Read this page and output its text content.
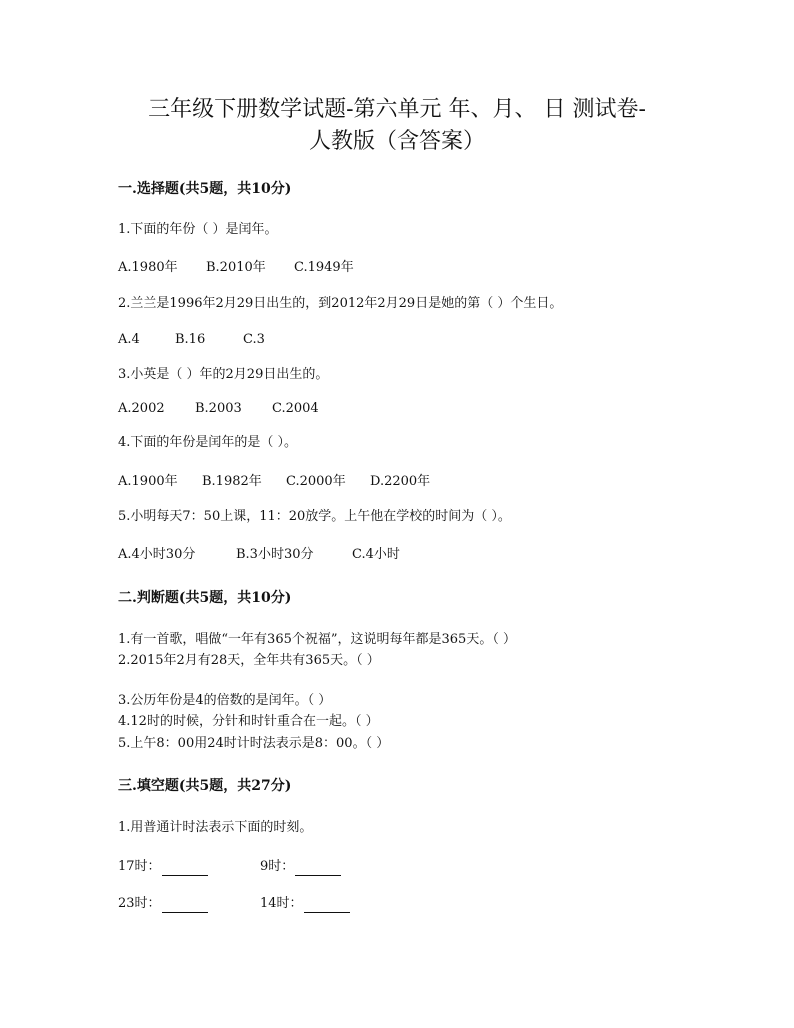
三年级下册数学试题-第六单元 年、月、 日 测试卷-
人教版（含答案）
一.选择题(共5题，共10分)
1.下面的年份（ ）是闰年。
A.1980年	B.2010年	C.1949年
2.兰兰是1996年2月29日出生的，到2012年2月29日是她的第（ ）个生日。
A.4	B.16	C.3
3.小英是（ ）年的2月29日出生的。
A.2002	B.2003	C.2004
4.下面的年份是闰年的是（ ）。
A.1900年	B.1982年	C.2000年	D.2200年
5.小明每天7：50上课，11：20放学。上午他在学校的时间为（ ）。
A.4小时30分	B.3小时30分	C.4小时
二.判断题(共5题，共10分)
1.有一首歌，唱做“一年有365个祝福”，这说明每年都是365天。（ ）
2.2015年2月有28天，全年共有365天。（ ）
3.公历年份是4的倍数的是闰年。（ ）
4.12时的时候，分针和时针重合在一起。（ ）
5.上午8：00用24时计时法表示是8：00。（ ）
三.填空题(共5题，共27分)
1.用普通计时法表示下面的时刻。
17时：	9时：
23时：	14时：
